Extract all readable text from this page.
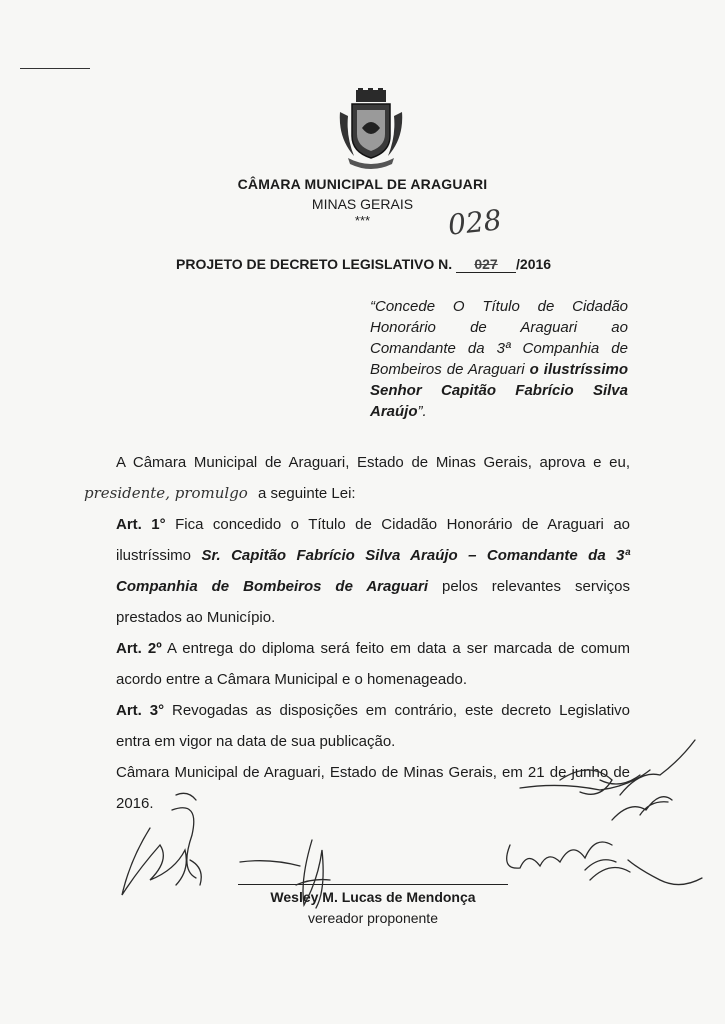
CÂMARA MUNICIPAL DE ARAGUARI
MINAS GERAIS
***	028
PROJETO DE DECRETO LEGISLATIVO N. 027 /2016
“Concede O Título de Cidadão
Honorário de Araguari ao
Comandante da 3ª Companhia de
Bombeiros de Araguari o ilustríssimo
Senhor Capitão Fabrício Silva
Araújo”.
A Câmara Municipal de Araguari, Estado de Minas Gerais, aprova e eu,
presidente, promulgo a seguinte Lei:
Art. 1° Fica concedido o Título de Cidadão Honorário de Araguari ao
ilustríssimo Sr. Capitão Fabrício Silva Araújo – Comandante da 3ª
Companhia de Bombeiros de Araguari pelos relevantes serviços
prestados ao Município.
Art. 2º A entrega do diploma será feito em data a ser marcada de comum
acordo entre a Câmara Municipal e o homenageado.
Art. 3° Revogadas as disposições em contrário, este decreto Legislativo
entra em vigor na data de sua publicação.
Câmara Municipal de Araguari, Estado de Minas Gerais, em 21 de junho de
2016.
Wesley M. Lucas de Mendonça
vereador proponente
